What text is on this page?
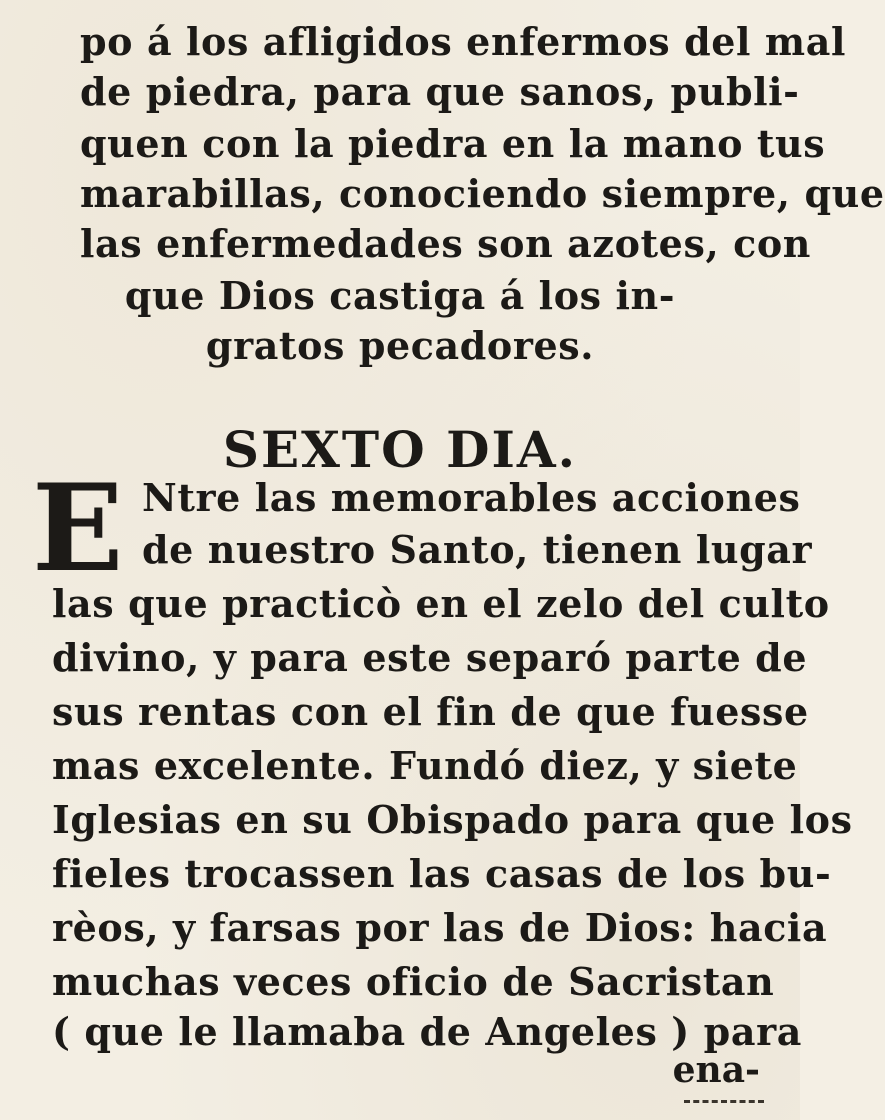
po á los afligidos enfermos del mal
de piedra, para que sanos, publi-
quen con la piedra en la mano tus
marabillas, conociendo siempre, que
las enfermedades son azotes, con
que Dios castiga á los in-
gratos pecadores.
SEXTO DIA.
E Ntre las memorables acciones
de nuestro Santo, tienen lugar
las que practicò en el zelo del culto
divino, y para este separó parte de
sus rentas con el fin de que fuesse
mas excelente. Fundó diez, y siete
Iglesias en su Obispado para que los
fieles trocassen las casas de los bu-
rèos, y farsas por las de Dios: hacia
muchas veces oficio de Sacristan
( que le llamaba de Angeles ) para
ena-
